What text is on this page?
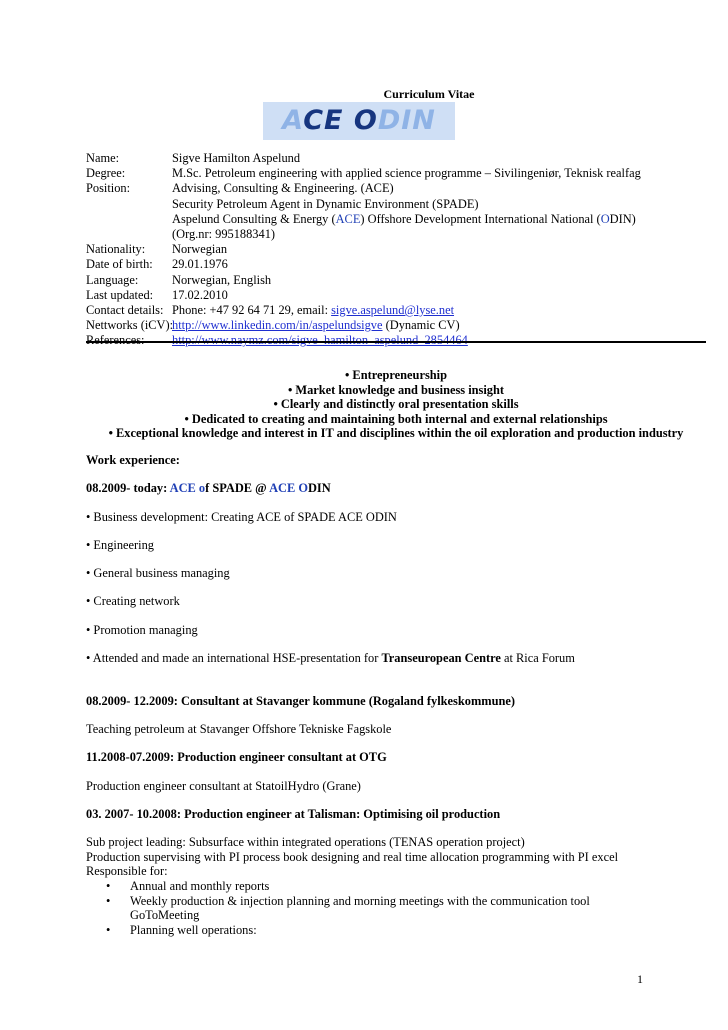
Curriculum Vitae
ACE ODIN
Name:	Sigve Hamilton Aspelund
Degree:	M.Sc. Petroleum engineering with applied science programme – Sivilingeniør, Teknisk realfag
Position:	Advising, Consulting & Engineering. (ACE)
Security Petroleum Agent in Dynamic Environment (SPADE)
Aspelund Consulting & Energy (ACE) Offshore Development International National (ODIN)
(Org.nr: 995188341)
Nationality:	Norwegian
Date of birth:	29.01.1976
Language:	Norwegian, English
Last updated:	17.02.2010
Contact details: Phone: +47 92 64 71 29, email: sigve.aspelund@lyse.net
Nettworks (iCV):
http://www.linkedin.com/in/aspelundsigve (Dynamic CV)
References:	http://www.naymz.com/sigve_hamilton_aspelund_2854464
• Entrepreneurship
• Market knowledge and business insight
• Clearly and distinctly oral presentation skills
• Dedicated to creating and maintaining both internal and external relationships
• Exceptional knowledge and interest in IT and disciplines within the oil exploration and production industry
Work experience:
08.2009- today: ACE of SPADE @ ACE ODIN
• Business development: Creating ACE of SPADE ACE ODIN
• Engineering
• General business managing
• Creating network
• Promotion managing
• Attended and made an international HSE-presentation for Transeuropean Centre at Rica Forum
08.2009- 12.2009: Consultant at Stavanger kommune (Rogaland fylkeskommune)
Teaching petroleum at Stavanger Offshore Tekniske Fagskole
11.2008-07.2009: Production engineer consultant at OTG
Production engineer consultant at StatoilHydro (Grane)
03. 2007- 10.2008: Production engineer at Talisman: Optimising oil production
Sub project leading: Subsurface within integrated operations (TENAS operation project)
Production supervising with PI process book designing and real time allocation programming with PI excel
Responsible for:
•	Annual and monthly reports
•	Weekly production & injection planning and morning meetings with the communication tool GoToMeeting
•	Planning well operations:
1
